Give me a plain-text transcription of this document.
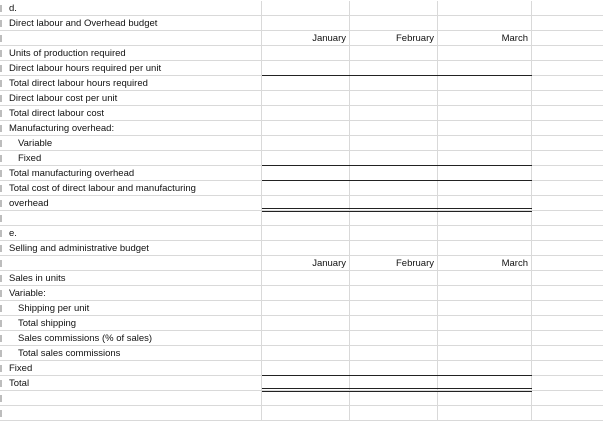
d.
Direct labour and Overhead budget
January	February	March
Units of production required
Direct labour hours required per unit
Total direct labour hours required
Direct labour cost per unit
Total direct labour cost
Manufacturing overhead:
Variable
Fixed
Total manufacturing overhead
Total cost of direct labour and manufacturing
overhead
e.
Selling and administrative budget
January	February	March
Sales in units
Variable:
Shipping per unit
Total shipping
Sales commissions (% of sales)
Total sales commissions
Fixed
Total
